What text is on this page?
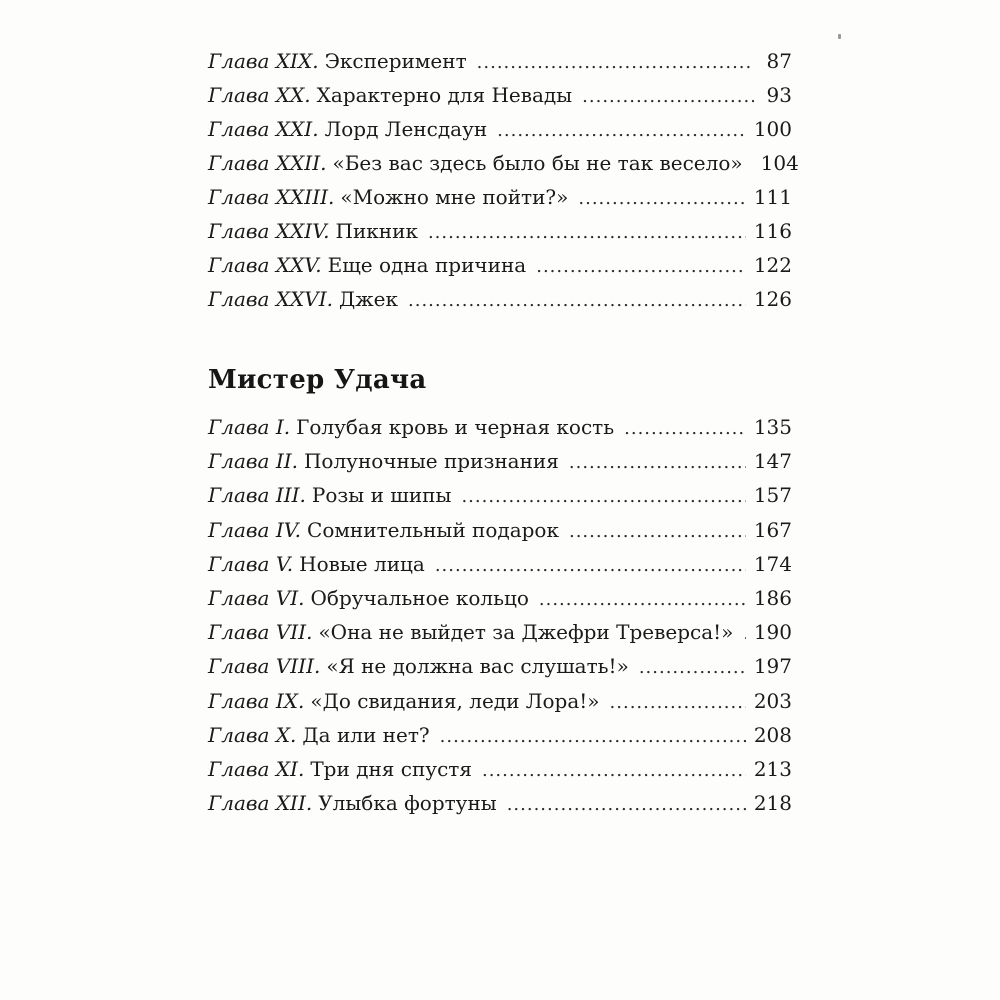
Глава XIX. Эксперимент .....	87
Глава XX. Характерно для Невады .....	93
Глава XXI. Лорд Ленсдаун .....	100
Глава XXII. «Без вас здесь было бы не так весело» 104
Глава XXIII. «Можно мне пойти?» .....	111
Глава XXIV. Пикник .....	116
Глава XXV. Еще одна причина .....	122
Глава XXVI. Джек .....	126
Мистер Удача
Глава I. Голубая кровь и черная кость .....	135
Глава II. Полуночные признания .....	147
Глава III. Розы и шипы .....	157
Глава IV. Сомнительный подарок .....	167
Глава V. Новые лица .....	174
Глава VI. Обручальное кольцо .....	186
Глава VII. «Она не выйдет за Джефри Треверса!» ..... 190
Глава VIII. «Я не должна вас слушать!» .....	197
Глава IX. «До свидания, леди Лора!» .....	203
Глава X. Да или нет? .....	208
Глава XI. Три дня спустя .....	213
Глава XII. Улыбка фортуны .....	218
